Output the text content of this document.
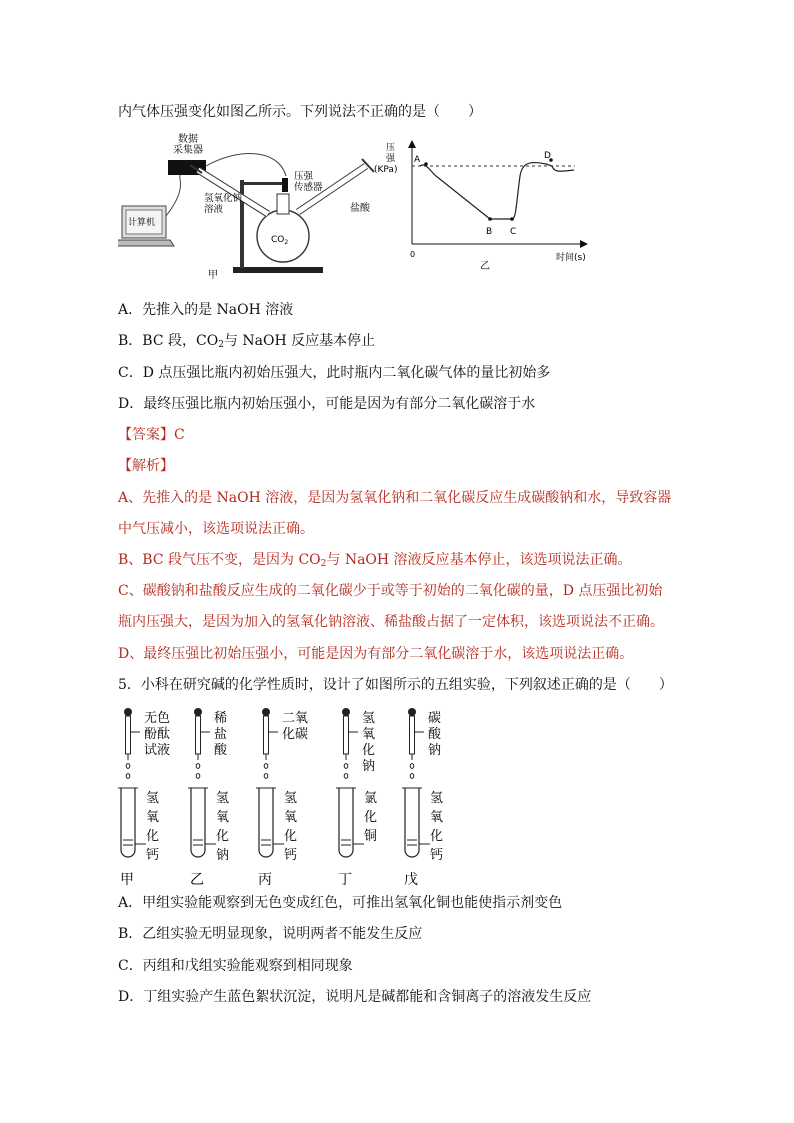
内气体压强变化如图乙所示。下列说法不正确的是（　　）
数据采集器
计算机
$CO_2$
压强传感器
氢氧化钠溶液	盐酸
甲
压强(KPa)
0	时间(s)
A
B C
D
乙
A．先推入的是 NaOH 溶液
B．BC 段，$CO_2$与 NaOH 反应基本停止
C．D 点压强比瓶内初始压强大，此时瓶内二氧化碳气体的量比初始多
D．最终压强比瓶内初始压强小，可能是因为有部分二氧化碳溶于水
【答案】C
【解析】
A、先推入的是 NaOH 溶液，是因为氢氧化钠和二氧化碳反应生成碳酸钠和水，导致容器
中气压减小，该选项说法正确。
B、BC 段气压不变，是因为 $CO_2$与 NaOH 溶液反应基本停止，该选项说法正确。
C、碳酸钠和盐酸反应生成的二氧化碳少于或等于初始的二氧化碳的量，D 点压强比初始
瓶内压强大，是因为加入的氢氧化钠溶液、稀盐酸占据了一定体积，该选项说法不正确。
D、最终压强比初始压强小，可能是因为有部分二氧化碳溶于水，该选项说法正确。
5．小科在研究碱的化学性质时，设计了如图所示的五组实验，下列叙述正确的是（　　）
无色酚酞试液
氢氧化钙
甲
稀盐酸
氢氧化钠
乙
二氧化碳
氢氧化钙
丙
氢氧化钠
氯化铜
丁
碳酸钠
氢氧化钙
戊
A．甲组实验能观察到无色变成红色，可推出氢氧化铜也能使指示剂变色
B．乙组实验无明显现象，说明两者不能发生反应
C．丙组和戊组实验能观察到相同现象
D．丁组实验产生蓝色絮状沉淀，说明凡是碱都能和含铜离子的溶液发生反应
